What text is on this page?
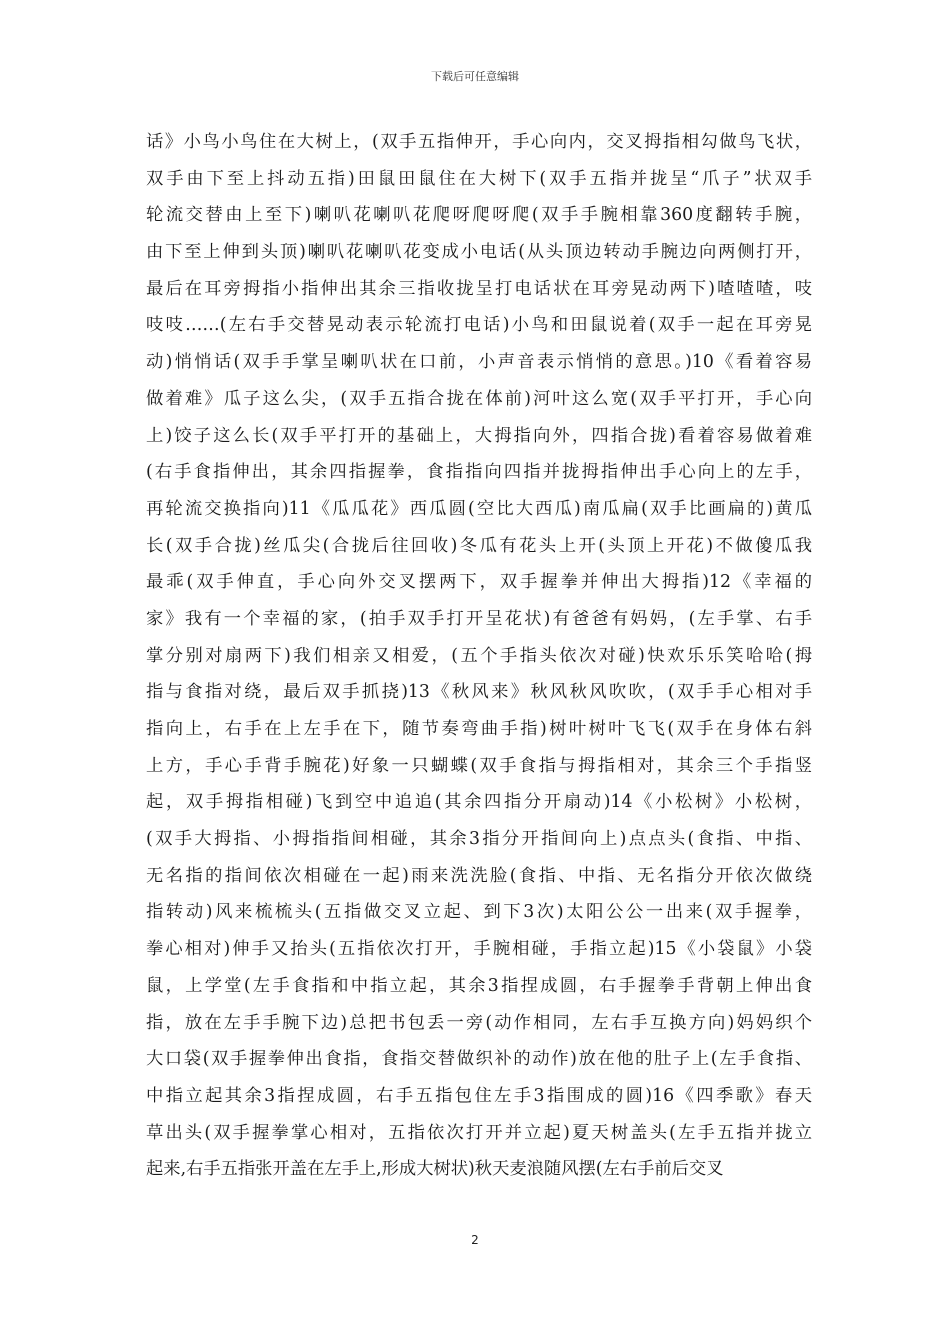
下载后可任意编辑
话》小鸟小鸟住在大树上，(双手五指伸开，手心向内，交叉拇指相勾做鸟飞状，
双手由下至上抖动五指)田鼠田鼠住在大树下(双手五指并拢呈“爪子”状双手
轮流交替由上至下)喇叭花喇叭花爬呀爬呀爬(双手手腕相靠360度翻转手腕，
由下至上伸到头顶)喇叭花喇叭花变成小电话(从头顶边转动手腕边向两侧打开，
最后在耳旁拇指小指伸出其余三指收拢呈打电话状在耳旁晃动两下)喳喳喳，吱
吱吱……(左右手交替晃动表示轮流打电话)小鸟和田鼠说着(双手一起在耳旁晃
动)悄悄话(双手手掌呈喇叭状在口前，小声音表示悄悄的意思。)10《看着容易
做着难》瓜子这么尖，(双手五指合拢在体前)河叶这么宽(双手平打开，手心向
上)饺子这么长(双手平打开的基础上，大拇指向外，四指合拢)看着容易做着难
(右手食指伸出，其余四指握拳，食指指向四指并拢拇指伸出手心向上的左手，
再轮流交换指向)11《瓜瓜花》西瓜圆(空比大西瓜)南瓜扁(双手比画扁的)黄瓜
长(双手合拢)丝瓜尖(合拢后往回收)冬瓜有花头上开(头顶上开花)不做傻瓜我
最乖(双手伸直，手心向外交叉摆两下，双手握拳并伸出大拇指)12《幸福的
家》我有一个幸福的家，(拍手双手打开呈花状)有爸爸有妈妈，(左手掌、右手
掌分别对扇两下)我们相亲又相爱，(五个手指头依次对碰)快欢乐乐笑哈哈(拇
指与食指对绕，最后双手抓挠)13《秋风来》秋风秋风吹吹，(双手手心相对手
指向上，右手在上左手在下，随节奏弯曲手指)树叶树叶飞飞(双手在身体右斜
上方，手心手背手腕花)好象一只蝴蝶(双手食指与拇指相对，其余三个手指竖
起，双手拇指相碰)飞到空中追追(其余四指分开扇动)14《小松树》小松树，
(双手大拇指、小拇指指间相碰，其余3指分开指间向上)点点头(食指、中指、
无名指的指间依次相碰在一起)雨来洗洗脸(食指、中指、无名指分开依次做绕
指转动)风来梳梳头(五指做交叉立起、到下3次)太阳公公一出来(双手握拳，
拳心相对)伸手又抬头(五指依次打开，手腕相碰，手指立起)15《小袋鼠》小袋
鼠，上学堂(左手食指和中指立起，其余3指捏成圆，右手握拳手背朝上伸出食
指，放在左手手腕下边)总把书包丢一旁(动作相同，左右手互换方向)妈妈织个
大口袋(双手握拳伸出食指，食指交替做织补的动作)放在他的肚子上(左手食指、
中指立起其余3指捏成圆，右手五指包住左手3指围成的圆)16《四季歌》春天
草出头(双手握拳掌心相对，五指依次打开并立起)夏天树盖头(左手五指并拢立
起来,右手五指张开盖在左手上,形成大树状)秋天麦浪随风摆(左右手前后交叉
2
